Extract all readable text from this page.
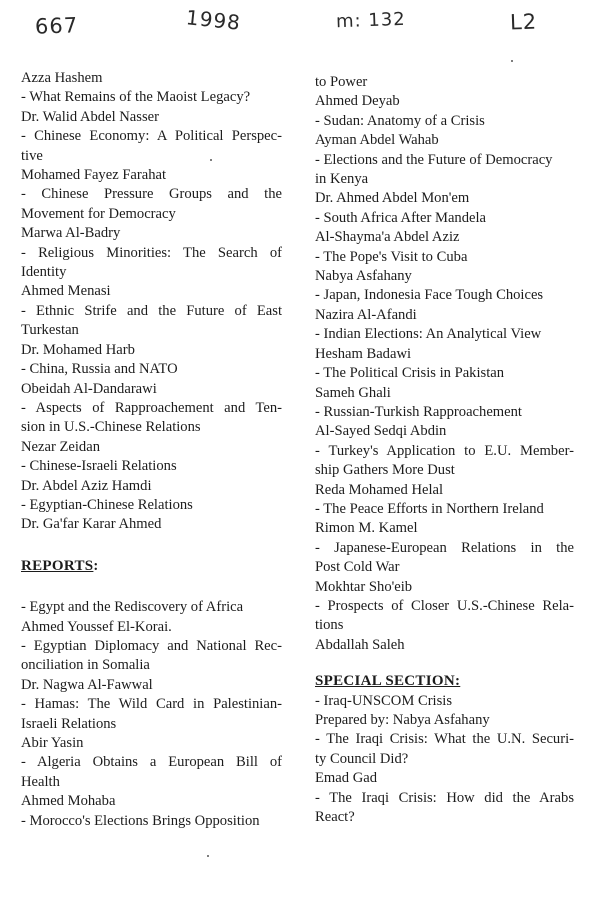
667	1998	m: 132	L2
Azza Hashem
- What Remains of the Maoist Legacy?
Dr. Walid Abdel Nasser
- Chinese Economy: A Political Perspec-
tive
Mohamed Fayez Farahat
- Chinese Pressure Groups and the
Movement for Democracy
Marwa Al-Badry
- Religious Minorities: The Search of
Identity
Ahmed Menasi
- Ethnic Strife and the Future of East
Turkestan
Dr. Mohamed Harb
- China, Russia and NATO
Obeidah Al-Dandarawi
- Aspects of Rapproachement and Ten-
sion in U.S.-Chinese Relations
Nezar Zeidan
- Chinese-Israeli Relations
Dr. Abdel Aziz Hamdi
- Egyptian-Chinese Relations
Dr. Ga'far Karar Ahmed
REPORTS:
- Egypt and the Rediscovery of Africa
Ahmed Youssef El-Korai.
- Egyptian Diplomacy and National Rec-
onciliation in Somalia
Dr. Nagwa Al-Fawwal
- Hamas: The Wild Card in Palestinian-
Israeli Relations
Abir Yasin
- Algeria Obtains a European Bill of
Health
Ahmed Mohaba
- Morocco's Elections Brings Opposition
to Power
Ahmed Deyab
- Sudan: Anatomy of a Crisis
Ayman Abdel Wahab
- Elections and the Future of Democracy
in Kenya
Dr. Ahmed Abdel Mon'em
- South Africa After Mandela
Al-Shayma'a Abdel Aziz
- The Pope's Visit to Cuba
Nabya Asfahany
- Japan, Indonesia Face Tough Choices
Nazira Al-Afandi
- Indian Elections: An Analytical View
Hesham Badawi
- The Political Crisis in Pakistan
Sameh Ghali
- Russian-Turkish Rapproachement
Al-Sayed Sedqi Abdin
- Turkey's Application to E.U. Member-
ship Gathers More Dust
Reda Mohamed Helal
- The Peace Efforts in Northern Ireland
Rimon M. Kamel
- Japanese-European Relations in the
Post Cold War
Mokhtar Sho'eib
- Prospects of Closer U.S.-Chinese Rela-
tions
Abdallah Saleh
SPECIAL SECTION:
- Iraq-UNSCOM Crisis
Prepared by: Nabya Asfahany
- The Iraqi Crisis: What the U.N. Securi-
ty Council Did?
Emad Gad
- The Iraqi Crisis: How did the Arabs
React?
